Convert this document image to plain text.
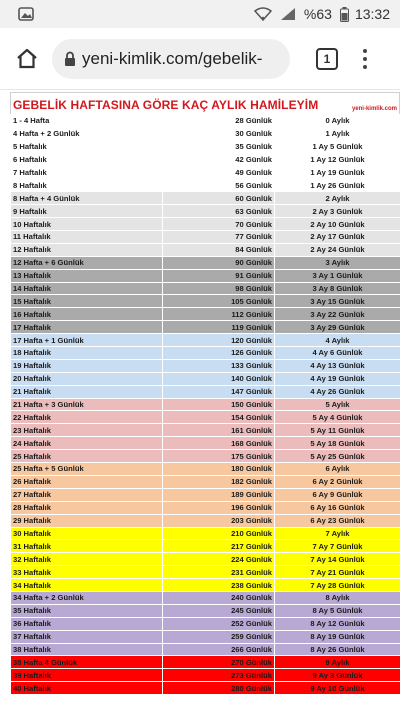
%63 13:32
yeni-kimlik.com/gebelik-	1
GEBELİK HAFTASINA GÖRE KAÇ AYLIK HAMİLEYİM	yeni-kimlik.com
1 - 4 Hafta	28 Günlük	0 Aylık
4 Hafta + 2 Günlük	30 Günlük	1 Aylık
5 Haftalık	35 Günlük	1 Ay 5 Günlük
6 Haftalık	42 Günlük	1 Ay 12 Günlük
7 Haftalık	49 Günlük	1 Ay 19 Günlük
8 Haftalık	56 Günlük	1 Ay 26 Günlük
8 Hafta + 4 Günlük	60 Günlük	2 Aylık
9 Haftalık	63 Günlük	2 Ay 3 Günlük
10 Haftalık	70 Günlük	2 Ay 10 Günlük
11 Haftalık	77 Günlük	2 Ay 17 Günlük
12 Haftalık	84 Günlük	2 Ay 24 Günlük
12 Hafta + 6 Günlük	90 Günlük	3 Aylık
13 Haftalık	91 Günlük	3 Ay 1 Günlük
14 Haftalık	98 Günlük	3 Ay 8 Günlük
15 Haftalık	105 Günlük	3 Ay 15 Günlük
16 Haftalık	112 Günlük	3 Ay 22 Günlük
17 Haftalık	119 Günlük	3 Ay 29 Günlük
17 Hafta + 1 Günlük	120 Günlük	4 Aylık
18 Haftalık	126 Günlük	4 Ay 6 Günlük
19 Haftalık	133 Günlük	4 Ay 13 Günlük
20 Haftalık	140 Günlük	4 Ay 19 Günlük
21 Haftalık	147 Günlük	4 Ay 26 Günlük
21 Hafta + 3 Günlük	150 Günlük	5 Aylık
22 Haftalık	154 Günlük	5 Ay 4 Günlük
23 Haftalık	161 Günlük	5 Ay 11 Günlük
24 Haftalık	168 Günlük	5 Ay 18 Günlük
25 Haftalık	175 Günlük	5 Ay 25 Günlük
25 Hafta + 5 Günlük	180 Günlük	6 Aylık
26 Haftalık	182 Günlük	6 Ay 2 Günlük
27 Haftalık	189 Günlük	6 Ay 9 Günlük
28 Haftalık	196 Günlük	6 Ay 16 Günlük
29 Haftalık	203 Günlük	6 Ay 23 Günlük
30 Haftalık	210 Günlük	7 Aylık
31 Haftalık	217 Günlük	7 Ay 7 Günlük
32 Haftalık	224 Günlük	7 Ay 14 Günlük
33 Haftalık	231 Günlük	7 Ay 21 Günlük
34 Haftalık	238 Günlük	7 Ay 28 Günlük
34 Hafta + 2 Günlük	240 Günlük	8 Aylık
35 Haftalık	245 Günlük	8 Ay 5 Günlük
36 Haftalık	252 Günlük	8 Ay 12 Günlük
37 Haftalık	259 Günlük	8 Ay 19 Günlük
38 Haftalık	266 Günlük	8 Ay 26 Günlük
38 Hafta 4 Günlük	270 Günlük	9 Aylık
39 Haftalık	273 Günlük	9 Ay 3 Günlük
40 Haftalık	280 Günlük	9 Ay 10 Günlük
